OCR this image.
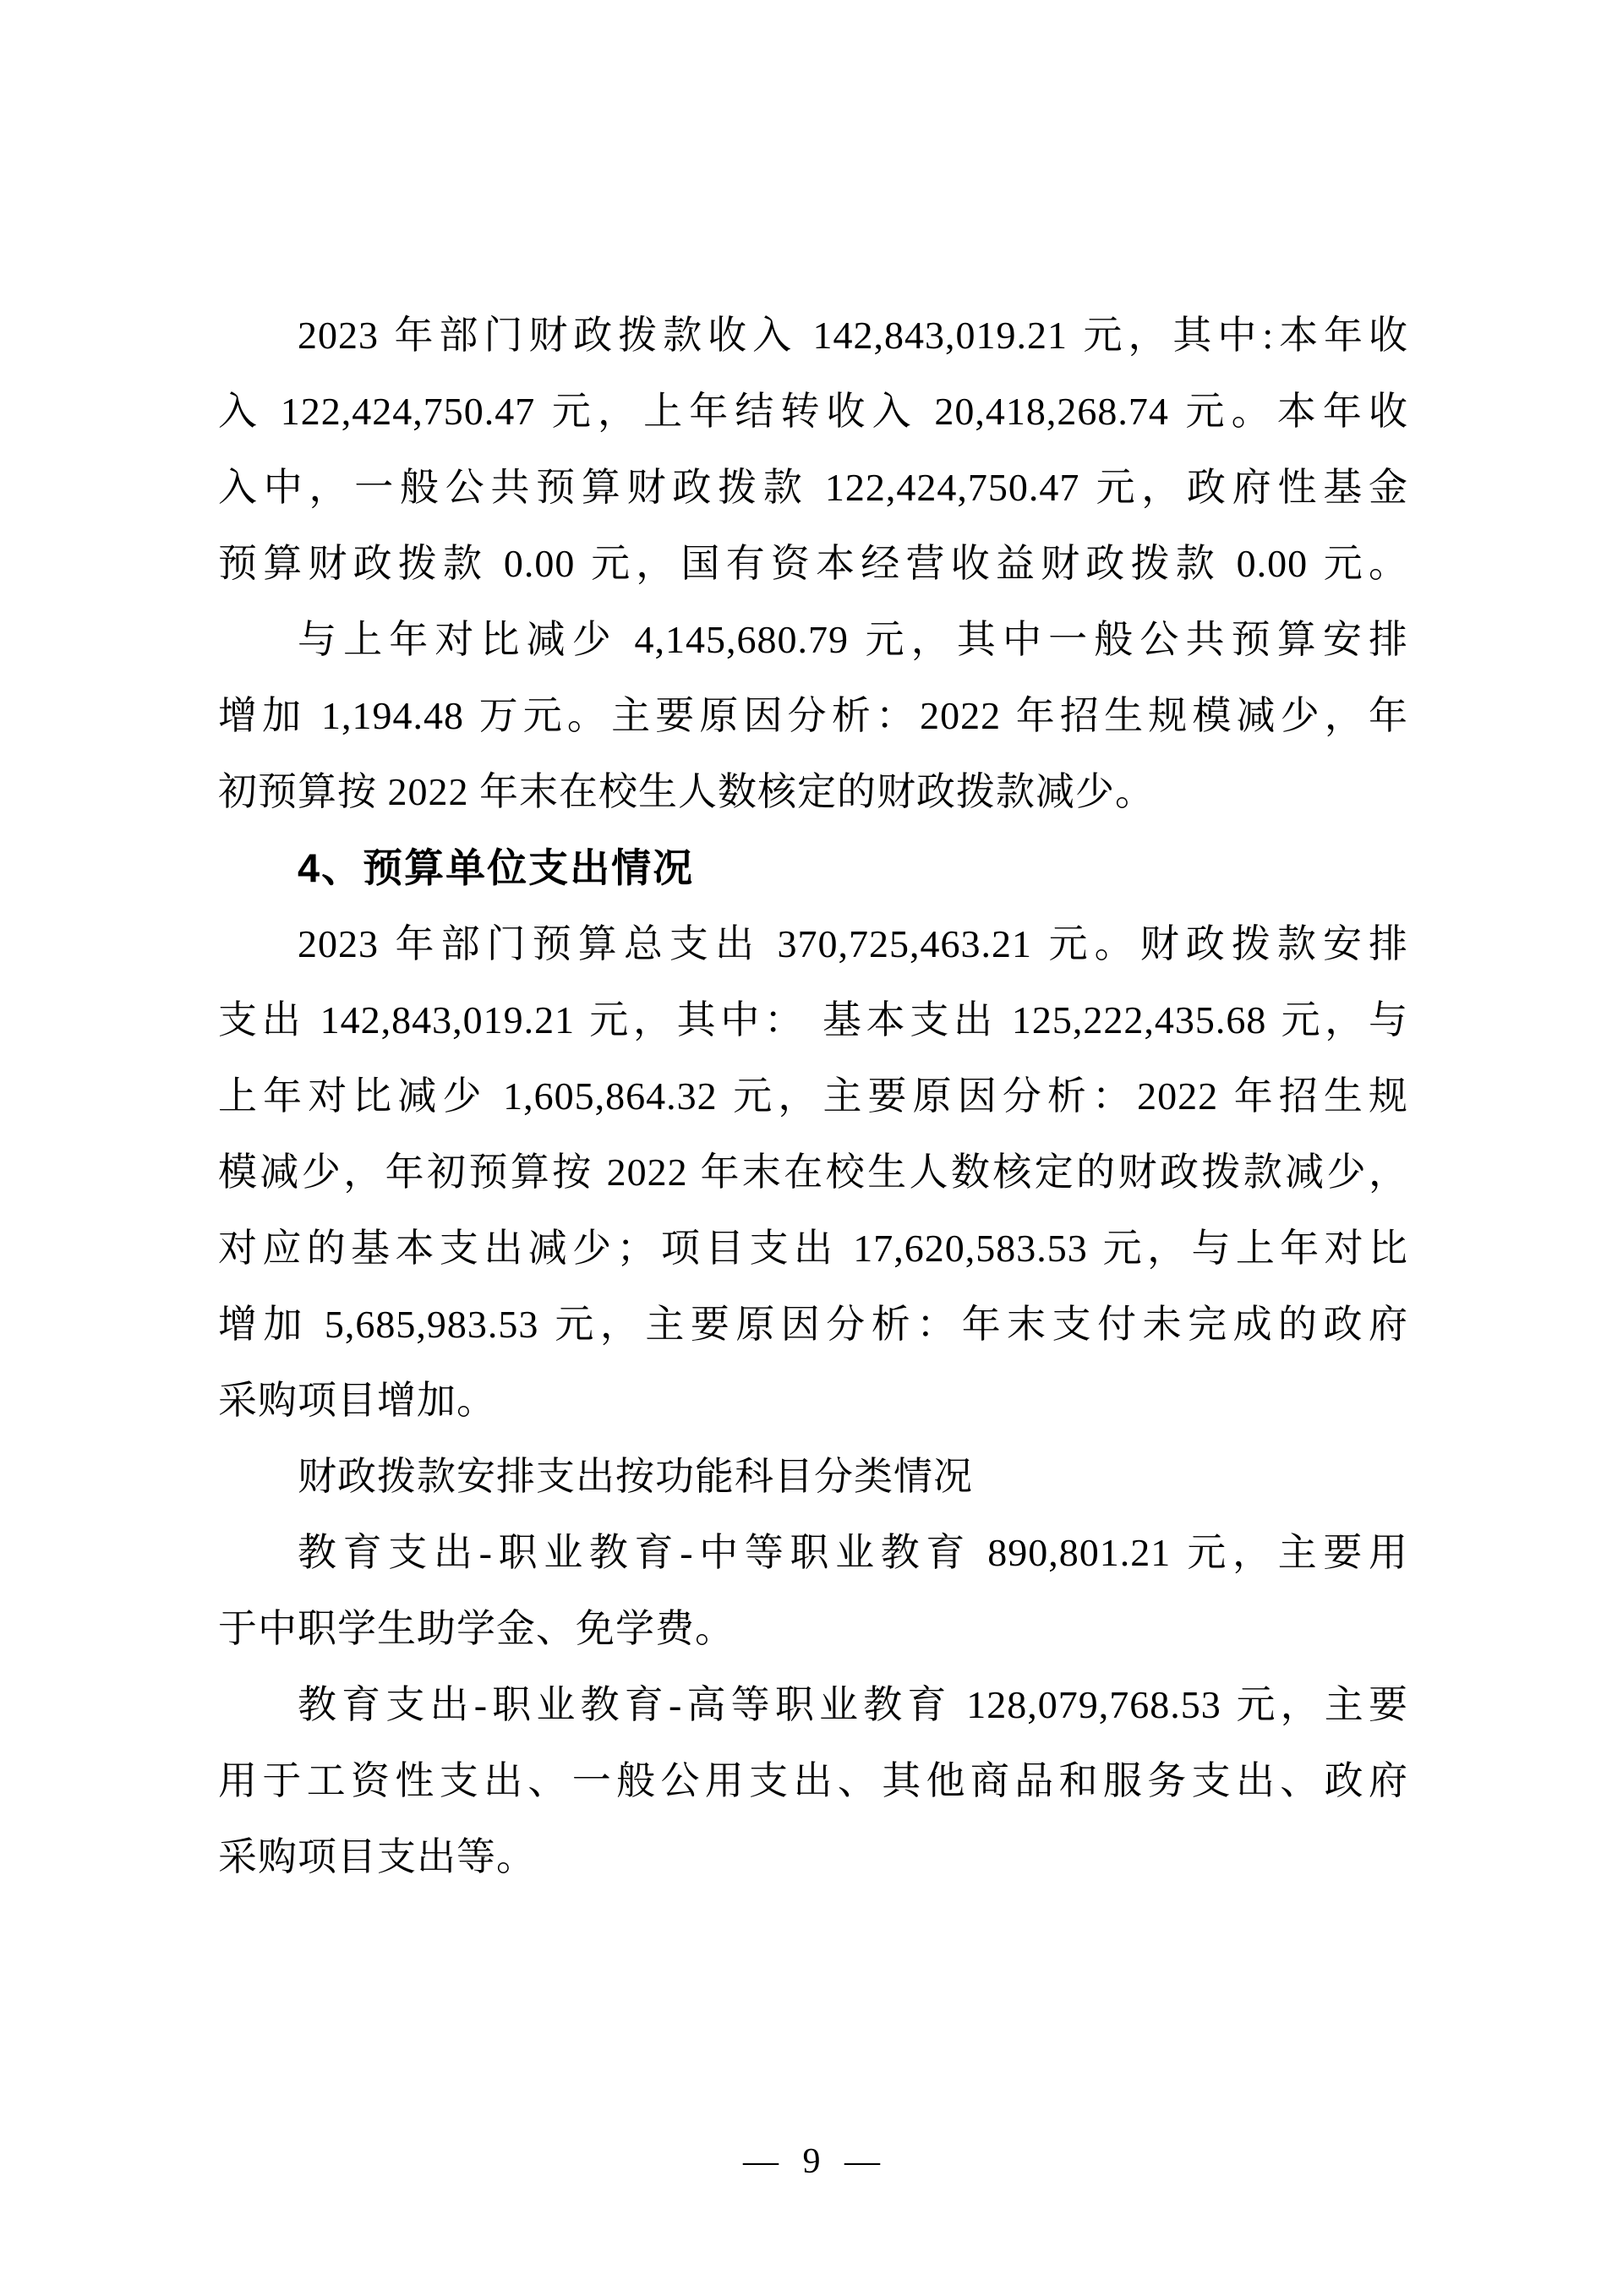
2023 年部门财政拨款收入 142,843,019.21 元，其中:本年收
入 122,424,750.47 元，上年结转收入 20,418,268.74 元。本年收
入中，一般公共预算财政拨款 122,424,750.47 元，政府性基金
预算财政拨款 0.00 元，国有资本经营收益财政拨款 0.00 元。
与上年对比减少 4,145,680.79 元，其中一般公共预算安排
增加 1,194.48 万元。主要原因分析：2022 年招生规模减少，年
初预算按 2022 年末在校生人数核定的财政拨款减少。
4、预算单位支出情况
2023 年部门预算总支出 370,725,463.21 元。财政拨款安排
支出 142,843,019.21 元，其中： 基本支出 125,222,435.68 元，与
上年对比减少 1,605,864.32 元，主要原因分析：2022 年招生规
模减少，年初预算按 2022 年末在校生人数核定的财政拨款减少，
对应的基本支出减少；项目支出 17,620,583.53 元，与上年对比
增加 5,685,983.53 元，主要原因分析：年末支付未完成的政府
采购项目增加。
财政拨款安排支出按功能科目分类情况
教育支出-职业教育-中等职业教育 890,801.21 元，主要用
于中职学生助学金、免学费。
教育支出-职业教育-高等职业教育 128,079,768.53 元，主要
用于工资性支出、一般公用支出、其他商品和服务支出、政府
采购项目支出等。
— 9 —
